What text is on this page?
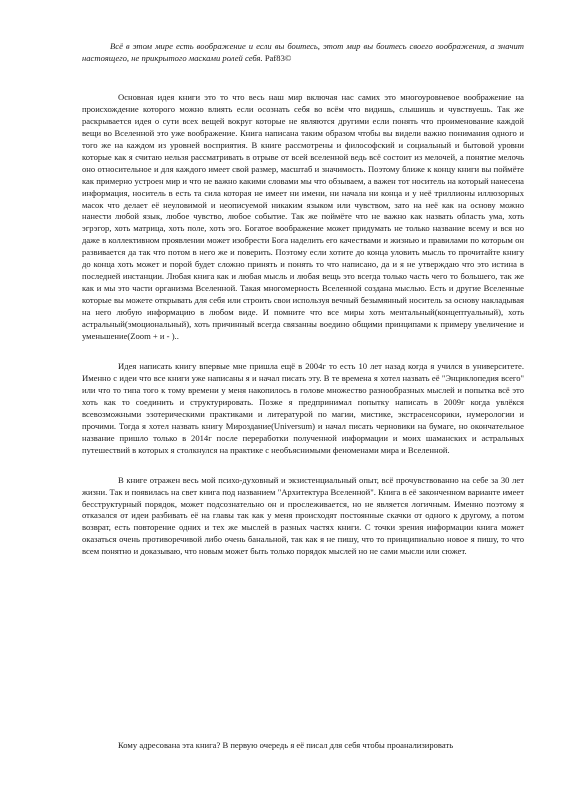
Всё в этом мире есть воображение и если вы боитесь, этот мир вы боитесь своего воображения, а значит настоящего, не прикрытого масками ролей себя. Paf83©

Основная идея книги это то что весь наш мир включая нас самих это многоуровневое воображение на происхождение которого можно влиять если осознать себя во всём что видишь, слышишь и чувствуешь. Так же раскрывается идея о сути всех вещей вокруг которые не являются другими если понять что проименование каждой вещи во Вселенной это уже воображение. Книга написана таким образом чтобы вы видели важно понимания одного и того же на каждом из уровней восприятия. В книге рассмотрены и философский и социальный и бытовой уровни которые как я считаю нельзя рассматривать в отрыве от всей вселенной ведь всё состоит из мелочей, а понятие мелочь оно относительное и для каждого имеет свой размер, масштаб и значимость. Поэтому ближе к концу книги вы поймёте как примерно устроен мир и что не важно какими словами мы что обзываем, а важен тот носитель на который нанесена информация, носитель в есть та сила которая не имеет ни имени, ни начала ни конца и у неё триллионы иллюзорных масок что делает её неуловимой и неописуемой никаким языком или чувством, зато на неё как на основу можно нанести любой язык, любое чувство, любое событие. Так же поймёте что не важно как назвать область ума, хоть эгрэгор, хоть матрица, хоть поле, хоть эго. Богатое воображение может придумать не только название всему и вся но даже в коллективном проявлении может изобрести Бога наделить его качествами и жизнью и правилами по которым он развивается да так что потом в него же и поверить. Поэтому если хотите до конца уловить мысль то прочитайте книгу до конца хоть может и порой будет сложно принять и понять то что написано, да и я не утверждаю что это истина в последней инстанции. Любая книга как и любая мысль и любая вещь это всегда только часть чего то большего, так же как и мы это части организма Вселенной. Такая многомерность Вселенной создана мыслью. Есть и другие Вселенные которые вы можете открывать для себя или строить свои используя вечный безымянный носитель за основу накладывая на него любую информацию в любом виде. И помните что все миры хоть ментальный(концептуальный), хоть астральный(эмоциональный), хоть причинный всегда связанны воедино общими принципами к примеру увеличение и уменьшение(Zoom + и - )..

Идея написать книгу впервые мне пришла ещё в 2004г то есть 10 лет назад когда я учился в университете. Именно с идеи что все книги уже написаны я и начал писать эту. В те времена я хотел назвать её "Энциклопедия всего" или что то типа того к тому времени у меня накопилось в голове множество разнообразных мыслей и попытка всё это хоть как то соединить и структурировать. Позже я предпринимал попытку написать в 2009г когда увлёкся всевозможными эзотерическими практиками и литературой по магии, мистике, экстрасенсорики, нумерологии и прочими. Тогда я хотел назвать книгу Мироздание(Universum) и начал писать черновики на бумаге, но окончательное название пришло только в 2014г после переработки полученной информации и моих шаманских и астральных путешествий в которых я столкнулся на практике с необъяснимыми феноменами мира и Вселенной.

В книге отражен весь мой психо-духовный и экзистенциальный опыт, всё прочувствованно на себе за 30 лет жизни. Так и появилась на свет книга под названием "Архитектура Вселенной". Книга в её законченном варианте имеет бесструктурный порядок, может подсознательно он и прослеживается, но не является логичным. Именно поэтому я отказался от идеи разбивать её на главы так как у меня происходят постоянные скачки от одного к другому, а потом возврат, есть повторение одних и тех же мыслей в разных частях книги. С точки зрения информации книга может оказаться очень противоречивой либо очень банальной, так как я не пишу, что то принципиально новое я пишу, то что всем понятно и доказываю, что новым может быть только порядок мыслей но не сами мысли или сюжет.

Кому адресована эта книга? В первую очередь я её писал для себя чтобы проанализировать
